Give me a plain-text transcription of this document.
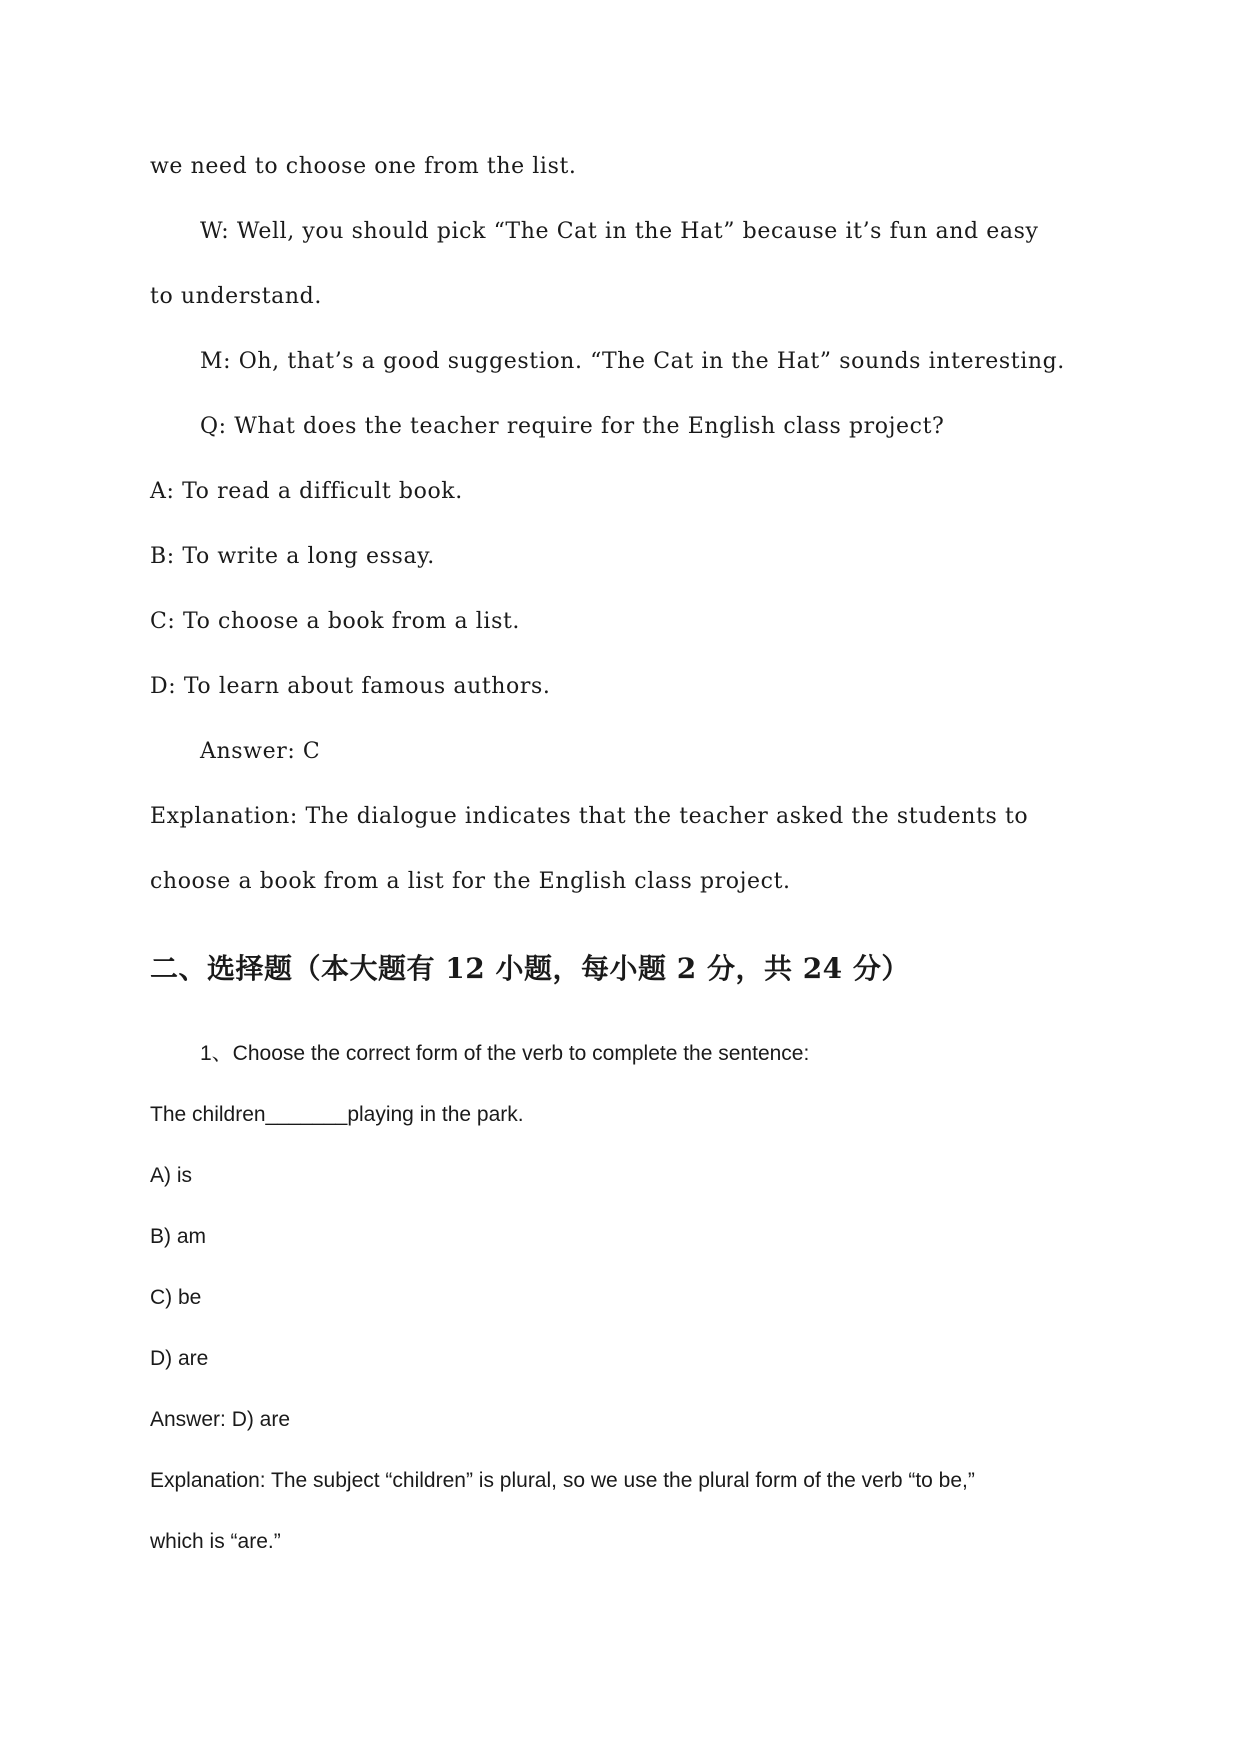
we need to choose one from the list.
W: Well, you should pick “The Cat in the Hat” because it’s fun and easy
to understand.
M: Oh, that’s a good suggestion. “The Cat in the Hat” sounds interesting.
Q: What does the teacher require for the English class project?
A: To read a difficult book.
B: To write a long essay.
C: To choose a book from a list.
D: To learn about famous authors.
Answer: C
Explanation: The dialogue indicates that the teacher asked the students to
choose a book from a list for the English class project.
二、选择题（本大题有 12 小题，每小题 2 分，共 24 分）
1、Choose the correct form of the verb to complete the sentence:
The children_______playing in the park.
A) is
B) am
C) be
D) are
Answer: D) are
Explanation: The subject “children” is plural, so we use the plural form of the verb “to be,”
which is “are.”
